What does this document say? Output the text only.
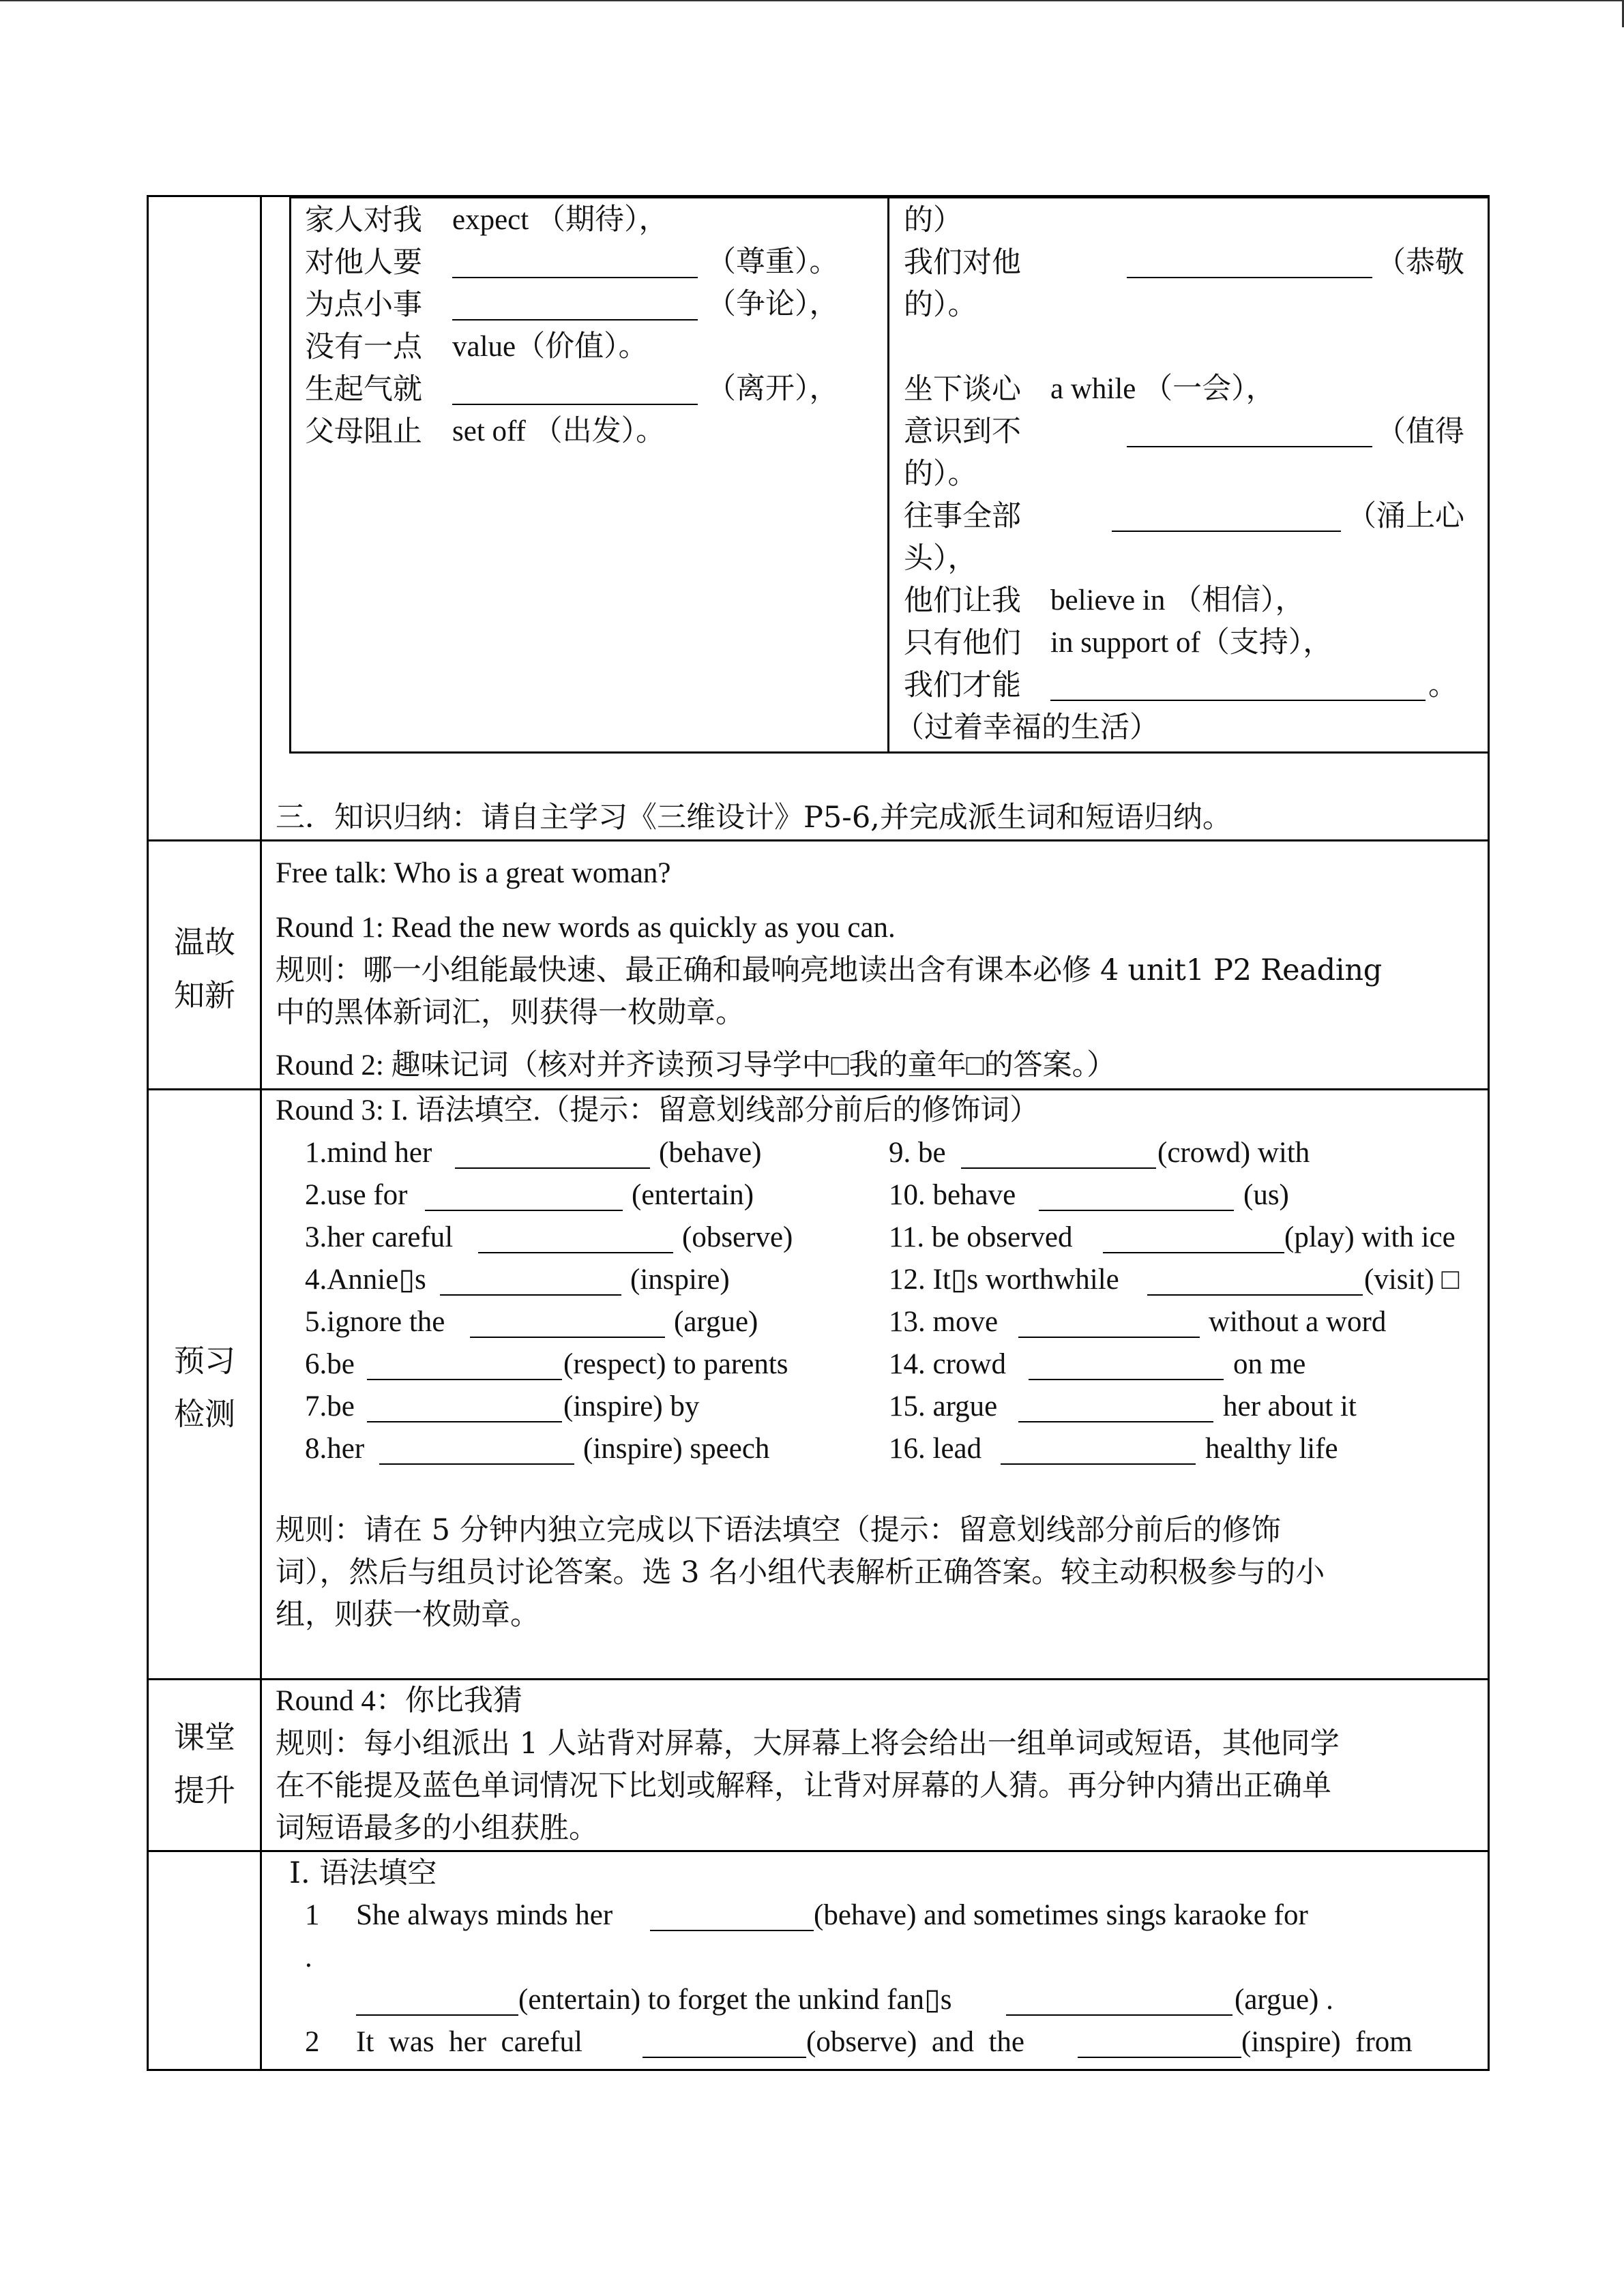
家人对我 expect （期待），
对他人要	（尊重）。
为点小事	（争论），
没有一点 value（价值）。
生起气就	（离开），
父母阻止 set off （出发）。
的）
我们对他	（恭敬
的）。
坐下谈心 a while （一会），
意识到不	（值得
的）。
往事全部	（涌上心
头），
他们让我 believe in （相信），
只有他们 in support of（支持），
我们才能	。
（过着幸福的生活）
三．知识归纳：请自主学习《三维设计》P5-6,并完成派生词和短语归纳。
温故
知新
Free talk: Who is a great woman?
Round 1: Read the new words as quickly as you can.
规则：哪一小组能最快速、最正确和最响亮地读出含有课本必修 4 unit1 P2 Reading
中的黑体新词汇，则获得一枚勋章。
Round 2: 趣味记词（核对并齐读预习导学中□我的童年□的答案。）
预习
检测
Round 3: I. 语法填空.（提示：留意划线部分前后的修饰词）
1.mind her	(behave)
2.use for	(entertain)
3.her careful	(observe)
4.Annie▯s	(inspire)
5.ignore the	(argue)
6.be	(respect) to parents
7.be	(inspire) by
8.her	(inspire) speech
9. be	(crowd) with
10. behave	(us)
11. be observed	(play) with ice
12. It▯s worthwhile	(visit) □
13. move	without a word
14. crowd	on me
15. argue	her about it
16. lead	healthy life
规则：请在 5 分钟内独立完成以下语法填空（提示：留意划线部分前后的修饰
词），然后与组员讨论答案。选 3 名小组代表解析正确答案。较主动积极参与的小
组，则获一枚勋章。
课堂
提升
Round 4：你比我猜
规则：每小组派出 1 人站背对屏幕，大屏幕上将会给出一组单词或短语，其他同学
在不能提及蓝色单词情况下比划或解释，让背对屏幕的人猜。再分钟内猜出正确单
词短语最多的小组获胜。
I. 语法填空
1 She always minds her	(behave) and sometimes sings karaoke for
.
(entertain) to forget the unkind fan▯s	(argue) .
2 It  was  her  careful	(observe)  and  the	(inspire)  from
